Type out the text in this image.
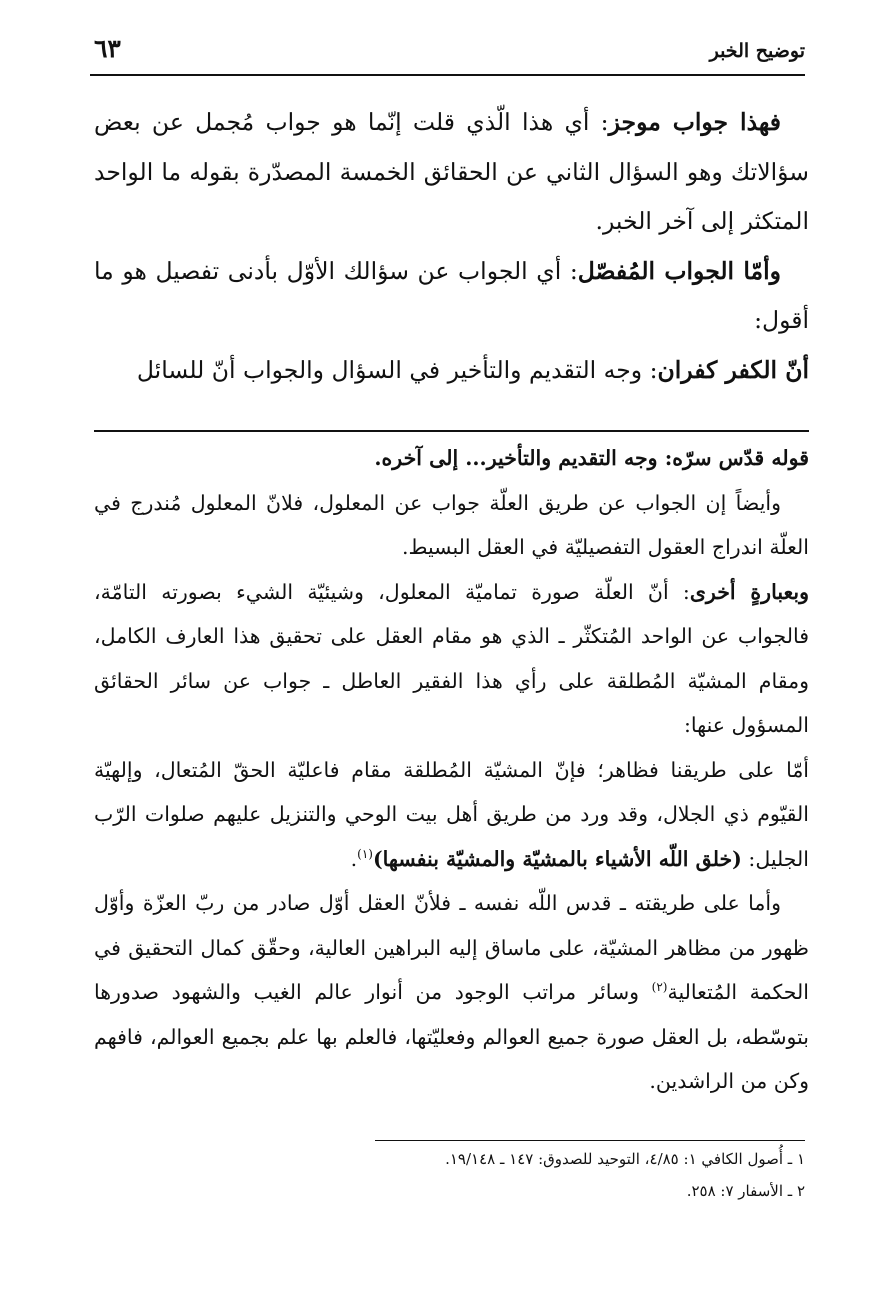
توضيح الخبر
٦٣

فهذا جواب موجز: أي هذا الّذي قلت إنّما هو جواب مُجمل عن بعض سؤالاتك وهو السؤال الثاني عن الحقائق الخمسة المصدّرة بقوله ما الواحد المتكثر إلى آخر الخبر.

وأمّا الجواب المُفصّل: أي الجواب عن سؤالك الأوّل بأدنى تفصيل هو ما أقول:

أنّ الكفر كفران: وجه التقديم والتأخير في السؤال والجواب أنّ للسائل

قوله قدّس سرّه: وجه التقديم والتأخير... إلى آخره.

وأيضاً إن الجواب عن طريق العلّة جواب عن المعلول، فلانّ المعلول مُندرج في العلّة اندراج العقول التفصيليّة في العقل البسيط.

وبعبارةٍ أخرى: أنّ العلّة صورة تماميّة المعلول، وشيئيّة الشيء بصورته التامّة، فالجواب عن الواحد المُتكثّر ـ الذي هو مقام العقل على تحقيق هذا العارف الكامل، ومقام المشيّة المُطلقة على رأي هذا الفقير العاطل ـ جواب عن سائر الحقائق المسؤول عنها:

أمّا على طريقنا فظاهر؛ فإنّ المشيّة المُطلقة مقام فاعليّة الحقّ المُتعال، وإلهيّة القيّوم ذي الجلال، وقد ورد من طريق أهل بيت الوحي والتنزيل عليهم صلوات الرّب الجليل: (خلق اللّه الأشياء بالمشيّة والمشيّة بنفسها)$^{(١)}$.

وأما على طريقته ـ قدس اللّه نفسه ـ فلأنّ العقل أوّل صادر من ربّ العزّة وأوّل ظهور من مظاهر المشيّة، على ماساق إليه البراهين العالية، وحقّق كمال التحقيق في الحكمة المُتعالية$^{(٢)}$ وسائر مراتب الوجود من أنوار عالم الغيب والشهود صدورها بتوسّطه، بل العقل صورة جميع العوالم وفعليّتها، فالعلم بها علم بجميع العوالم، فافهم وكن من الراشدين.

١ ـ أُصول الكافي ١: ٤/٨٥، التوحيد للصدوق: ١٤٧ ـ ١٩/١٤٨.

٢ ـ الأسفار ٧: ٢٥٨.
